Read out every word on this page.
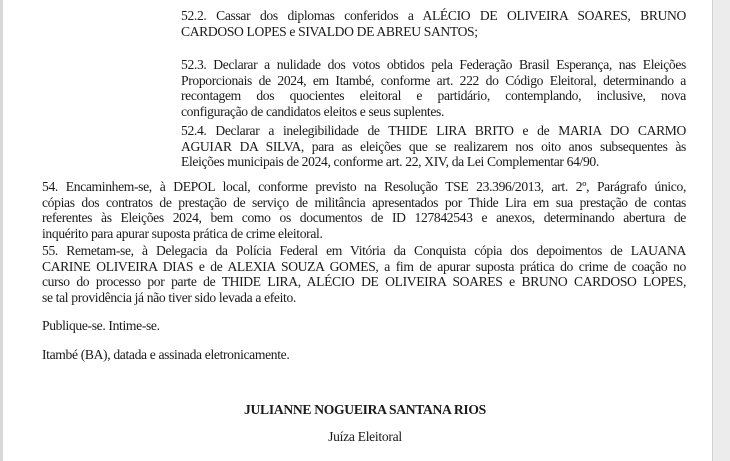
52.2. Cassar dos diplomas conferidos a ALÉCIO DE OLIVEIRA SOARES, BRUNO
CARDOSO LOPES e SIVALDO DE ABREU SANTOS;
52.3. Declarar a nulidade dos votos obtidos pela Federação Brasil Esperança, nas Eleições
Proporcionais de 2024, em Itambé, conforme art. 222 do Código Eleitoral, determinando a
recontagem dos quocientes eleitoral e partidário, contemplando, inclusive, nova
configuração de candidatos eleitos e seus suplentes.
52.4. Declarar a inelegibilidade de THIDE LIRA BRITO e de MARIA DO CARMO
AGUIAR DA SILVA, para as eleições que se realizarem nos oito anos subsequentes às
Eleições municipais de 2024, conforme art. 22, XIV, da Lei Complementar 64/90.
54. Encaminhem-se, à DEPOL local, conforme previsto na Resolução TSE 23.396/2013, art. 2º, Parágrafo único,
cópias dos contratos de prestação de serviço de militância apresentados por Thide Lira em sua prestação de contas
referentes às Eleições 2024, bem como os documentos de ID 127842543 e anexos, determinando abertura de
inquérito para apurar suposta prática de crime eleitoral.
55. Remetam-se, à Delegacia da Polícia Federal em Vitória da Conquista cópia dos depoimentos de LAUANA
CARINE OLIVEIRA DIAS e de ALEXIA SOUZA GOMES, a fim de apurar suposta prática do crime de coação no
curso do processo por parte de THIDE LIRA, ALÉCIO DE OLIVEIRA SOARES e BRUNO CARDOSO LOPES,
se tal providência já não tiver sido levada a efeito.
Publique-se. Intime-se.
Itambé (BA), datada e assinada eletronicamente.
JULIANNE NOGUEIRA SANTANA RIOS
Juíza Eleitoral
